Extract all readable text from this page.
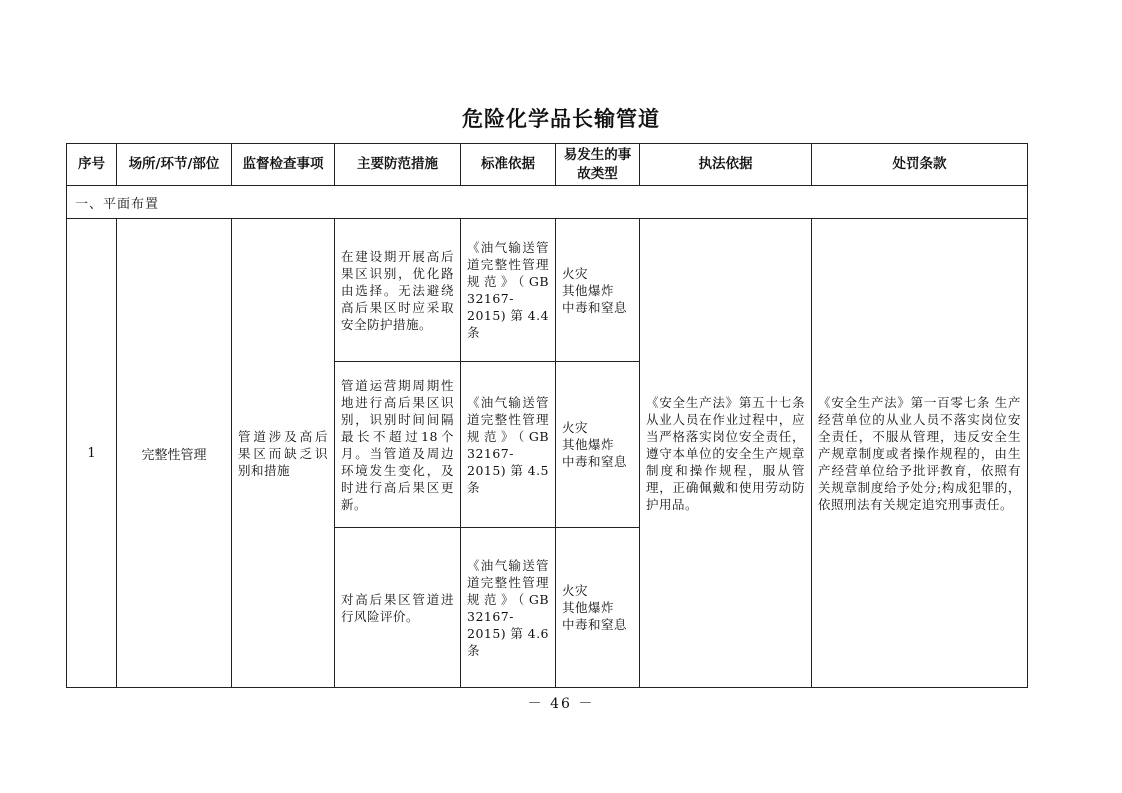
危险化学品长输管道
序号	场所/环节/部位	监督检查事项	主要防范措施	标准依据	易发生的事故类型	执法依据	处罚条款
一、平面布置							
1	完整性管理	管道涉及高后果区而缺乏识别和措施	在建设期开展高后果区识别，优化路由选择。无法避绕高后果区时应采取安全防护措施。	《油气输送管道完整性管理规范》（GB 32167-2015)第4.4条	火灾
其他爆炸
中毒和窒息	《安全生产法》第五十七条 从业人员在作业过程中，应当严格落实岗位安全责任，遵守本单位的安全生产规章制度和操作规程，服从管理，正确佩戴和使用劳动防护用品。	《安全生产法》第一百零七条 生产经营单位的从业人员不落实岗位安全责任，不服从管理，违反安全生产规章制度或者操作规程的，由生产经营单位给予批评教育，依照有关规章制度给予处分;构成犯罪的，依照刑法有关规定追究刑事责任。
			管道运营期周期性地进行高后果区识别，识别时间间隔最长不超过18个月。当管道及周边环境发生变化，及时进行高后果区更新。	《油气输送管道完整性管理规范》（GB 32167-2015)第4.5条	火灾
其他爆炸
中毒和窒息		
			对高后果区管道进行风险评价。	《油气输送管道完整性管理规范》（GB 32167-2015)第4.6条	火灾
其他爆炸
中毒和窒息		
－ 46 －
